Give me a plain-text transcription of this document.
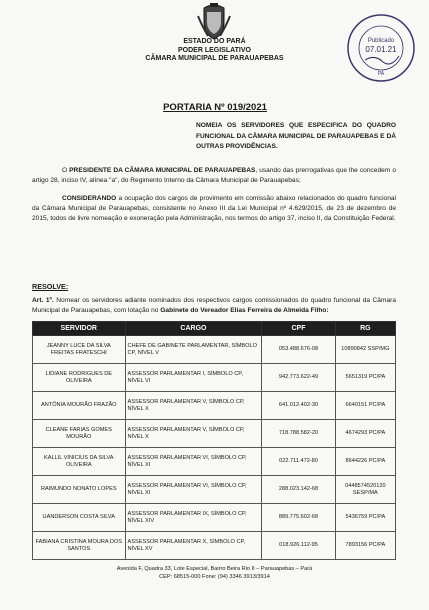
ESTADO DO PARÁ
PODER LEGISLATIVO
CÂMARA MUNICIPAL DE PARAUAPEBAS
Publicado
07.01.21
PA
PORTARIA Nº 019/2021
NOMEIA OS SERVIDORES QUE ESPECIFICA DO QUADRO FUNCIONAL DA CÂMARA MUNICIPAL DE PARAUAPEBAS E DÁ OUTRAS PROVIDÊNCIAS.
O PRESIDENTE DA CÂMARA MUNICIPAL DE PARAUAPEBAS, usando das prerrogativas que lhe concedem o artigo 28, inciso IV, alínea "a", do Regimento Interno da Câmara Municipal de Parauapebas;
CONSIDERANDO a ocupação dos cargos de provimento em comissão abaixo relacionados do quadro funcional da Câmara Municipal de Parauapebas, consistente no Anexo III da Lei Municipal nº 4.629/2015, de 23 de dezembro de 2015, todos de livre nomeação e exoneração pela Administração, nos termos do artigo 37, inciso II, da Constituição Federal.
RESOLVE:
Art. 1º. Nomear os servidores adiante nominados dos respectivos cargos comissionados do quadro funcional da Câmara Municipal de Parauapebas, com lotação no Gabinete do Vereador Elias Ferreira de Almeida Filho:
SERVIDOR	CARGO	CPF	RG
JEANNY LUCE DA SILVA FREITAS FRATESCHI	CHEFE DE GABINETE PARLAMENTAR, SÍMBOLO CP, NÍVEL V	053.488.676-08	10890842 SSP/MG
LIDIANE RODRIGUES DE OLIVEIRA	ASSESSOR PARLAMENTAR I, SÍMBOLO CP, NÍVEL VI	942.773.622-49	5651319 PC/PA
ANTÔNIA MOURÃO FRAZÃO	ASSESSOR PARLAMENTAR V, SÍMBOLO CP, NÍVEL X	641.012.402-30	6640151 PC/PA
CLEANE FARIAS GOMES MOURÃO	ASSESSOR PARLAMENTAR V, SÍMBOLO CP, NÍVEL X	718.788.582-20	4674293 PC/PA
KALLIL VINICIUS DA SILVA OLIVEIRA	ASSESSOR PARLAMENTAR VI, SÍMBOLO CP, NÍVEL XI	022.711.472-80	8644226 PC/PA
RAIMUNDO NONATO LOPES	ASSESSOR PARLAMENTAR VI, SÍMBOLO CP, NÍVEL XI	288.023.142-68	0448574520120 SESP/MA
UANDERSON COSTA SILVA	ASSESSOR PARLAMENTAR IX, SÍMBOLO CP, NÍVEL XIV	889.775.602-68	5436759 PC/PA
FABIANA CRISTINA MOURA DOS SANTOS	ASSESSOR PARLAMENTAR X, SÍMBOLO CP, NÍVEL XV	018.926.112-95	7893156 PC/PA
Avenida F, Quadra 33, Lote Especial, Bairro Beira Rio II – Parauapebas – Pará
CEP: 68515-000 Fone: (94) 3346 3913/3914
